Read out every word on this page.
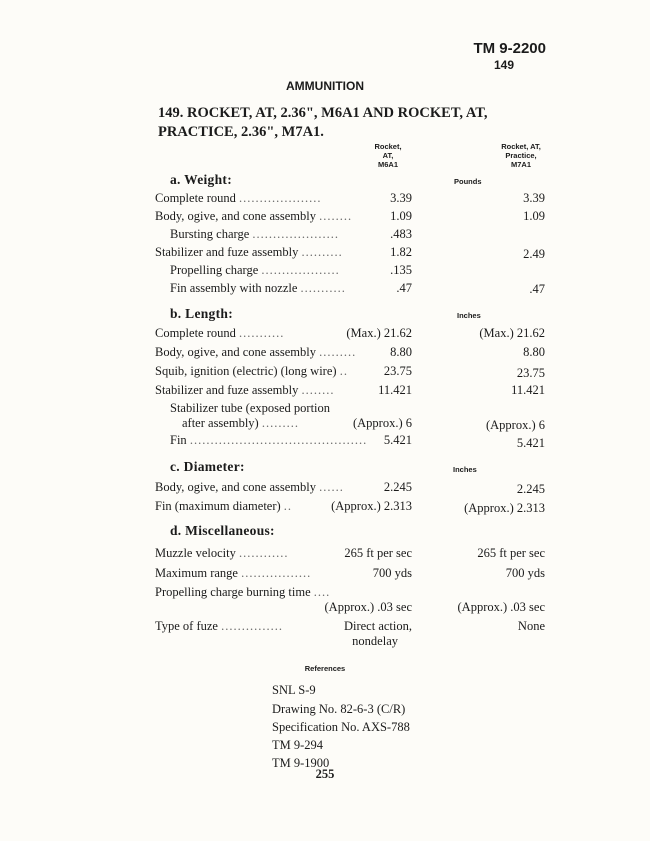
TM 9-2200
149
AMMUNITION
149. ROCKET, AT, 2.36", M6A1 AND ROCKET, AT, PRACTICE, 2.36", M7A1.
Rocket,
AT,
M6A1
Rocket, AT,
Practice,
M7A1
a. Weight:	Pounds
Complete round ....................	3.39	3.39
Body, ogive, and cone assembly ........	1.09	1.09
Bursting charge .....................	.483
Stabilizer and fuze assembly ..........	1.82	2.49
Propelling charge ...................	.135
Fin assembly with nozzle ...........	.47	.47
b. Length:	Inches
Complete round ...........	(Max.) 21.62	(Max.) 21.62
Body, ogive, and cone assembly .........	8.80	8.80
Squib, ignition (electric) (long wire) ..	23.75	23.75
Stabilizer and fuze assembly ........	11.421	11.421
Stabilizer tube (exposed portion
after assembly) .........	(Approx.) 6	(Approx.) 6
Fin ........................................... 5.421	5.421
c. Diameter:	Inches
Body, ogive, and cone assembly ......	2.245	2.245
Fin (maximum diameter) ..	(Approx.) 2.313	(Approx.) 2.313
d. Miscellaneous:
Muzzle velocity ............	265 ft per sec	265 ft per sec
Maximum range .................	700 yds	700 yds
Propelling charge burning time ....
(Approx.) .03 sec	(Approx.) .03 sec
Type of fuze ...............	Direct action,	None
nondelay
References
SNL S-9
Drawing No. 82-6-3 (C/R)
Specification No. AXS-788
TM 9-294
TM 9-1900
255
